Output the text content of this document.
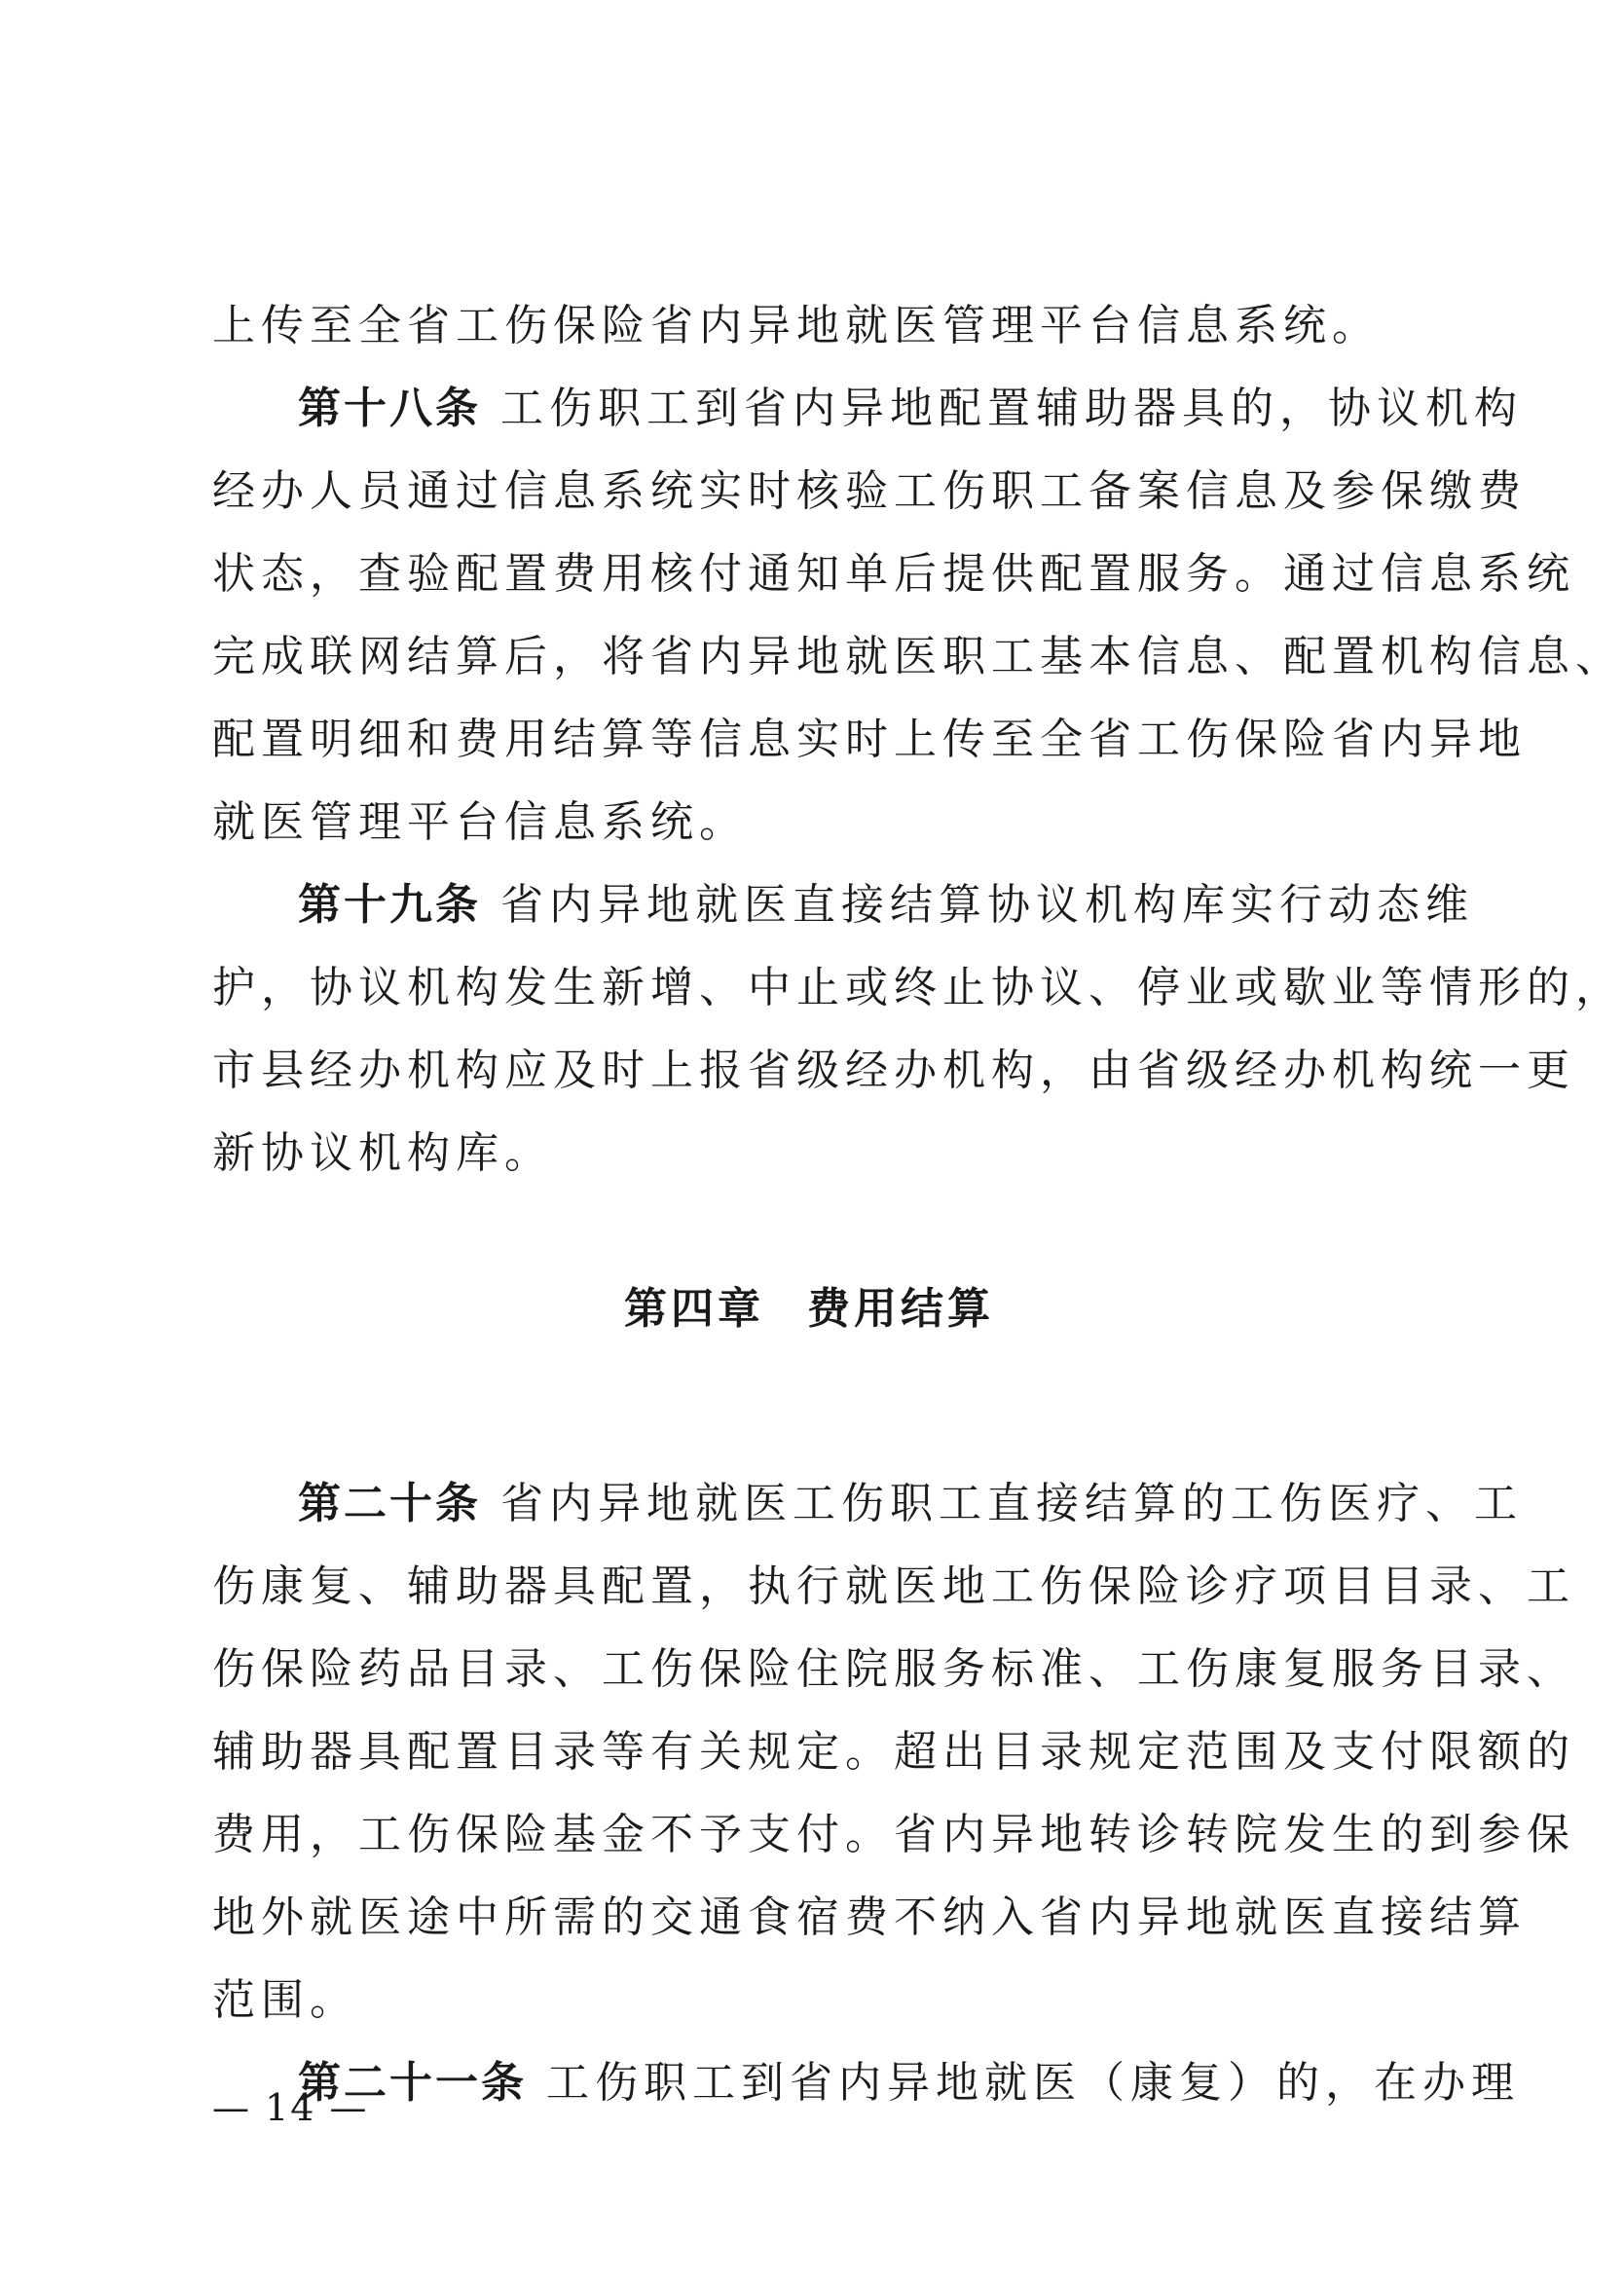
上传至全省工伤保险省内异地就医管理平台信息系统。
第十八条 工伤职工到省内异地配置辅助器具的，协议机构
经办人员通过信息系统实时核验工伤职工备案信息及参保缴费
状态，查验配置费用核付通知单后提供配置服务。通过信息系统
完成联网结算后，将省内异地就医职工基本信息、配置机构信息、
配置明细和费用结算等信息实时上传至全省工伤保险省内异地
就医管理平台信息系统。
第十九条 省内异地就医直接结算协议机构库实行动态维
护，协议机构发生新增、中止或终止协议、停业或歇业等情形的，
市县经办机构应及时上报省级经办机构，由省级经办机构统一更
新协议机构库。
第四章 费用结算
第二十条 省内异地就医工伤职工直接结算的工伤医疗、工
伤康复、辅助器具配置，执行就医地工伤保险诊疗项目目录、工
伤保险药品目录、工伤保险住院服务标准、工伤康复服务目录、
辅助器具配置目录等有关规定。超出目录规定范围及支付限额的
费用，工伤保险基金不予支付。省内异地转诊转院发生的到参保
地外就医途中所需的交通食宿费不纳入省内异地就医直接结算
范围。
第二十一条 工伤职工到省内异地就医（康复）的，在办理
— 14 —
